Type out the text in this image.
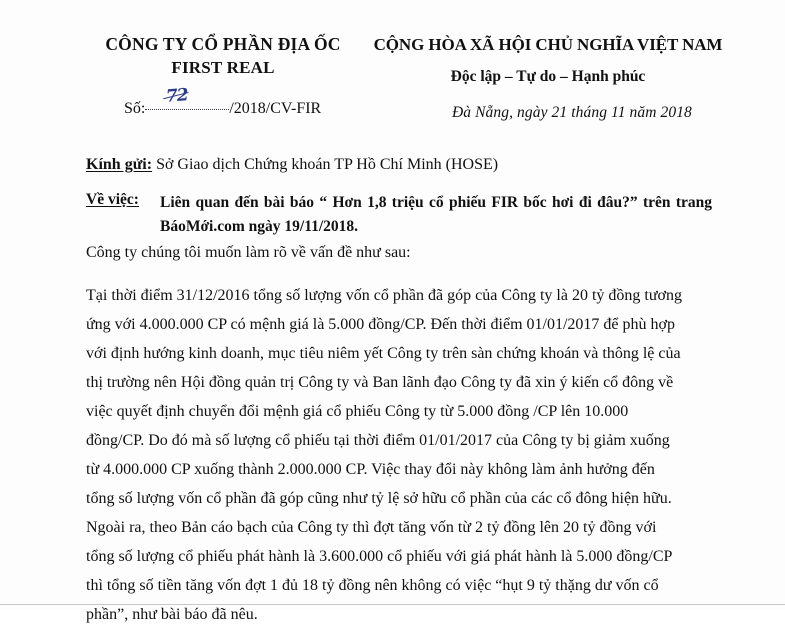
CÔNG TY CỔ PHẦN ĐỊA ỐC
FIRST REAL
CỘNG HÒA XÃ HỘI CHỦ NGHĨA VIỆT NAM
Độc lập – Tự do – Hạnh phúc
Số:
72
/2018/CV-FIR	Đà Nẵng, ngày 21 tháng 11 năm 2018
Kính gửi: Sở Giao dịch Chứng khoán TP Hồ Chí Minh (HOSE)
Về việc: Liên quan đến bài báo “ Hơn 1,8 triệu cổ phiếu FIR bốc hơi đi đâu?” trên trang BáoMới.com ngày 19/11/2018.
Công ty chúng tôi muốn làm rõ về vấn đề như sau:
Tại thời điểm 31/12/2016 tổng số lượng vốn cổ phần đã góp của Công ty là 20 tỷ đồng tương
ứng với 4.000.000 CP có mệnh giá là 5.000 đồng/CP. Đến thời điểm 01/01/2017 để phù hợp
với định hướng kinh doanh, mục tiêu niêm yết Công ty trên sàn chứng khoán và thông lệ của
thị trường nên Hội đồng quản trị Công ty và Ban lãnh đạo Công ty đã xin ý kiến cổ đông về
việc quyết định chuyển đổi mệnh giá cổ phiếu Công ty từ 5.000 đồng /CP lên 10.000
đồng/CP. Do đó mà số lượng cổ phiếu tại thời điểm 01/01/2017 của Công ty bị giảm xuống
từ 4.000.000 CP xuống thành 2.000.000 CP. Việc thay đổi này không làm ảnh hưởng đến
tổng số lượng vốn cổ phần đã góp cũng như tỷ lệ sở hữu cổ phần của các cổ đông hiện hữu.
Ngoài ra, theo Bản cáo bạch của Công ty thì đợt tăng vốn từ 2 tỷ đồng lên 20 tỷ đồng với
tổng số lượng cổ phiếu phát hành là 3.600.000 cổ phiếu với giá phát hành là 5.000 đồng/CP
thì tổng số tiền tăng vốn đợt 1 đủ 18 tỷ đồng nên không có việc “hụt 9 tỷ thặng dư vốn cổ
phần”, như bài báo đã nêu.
